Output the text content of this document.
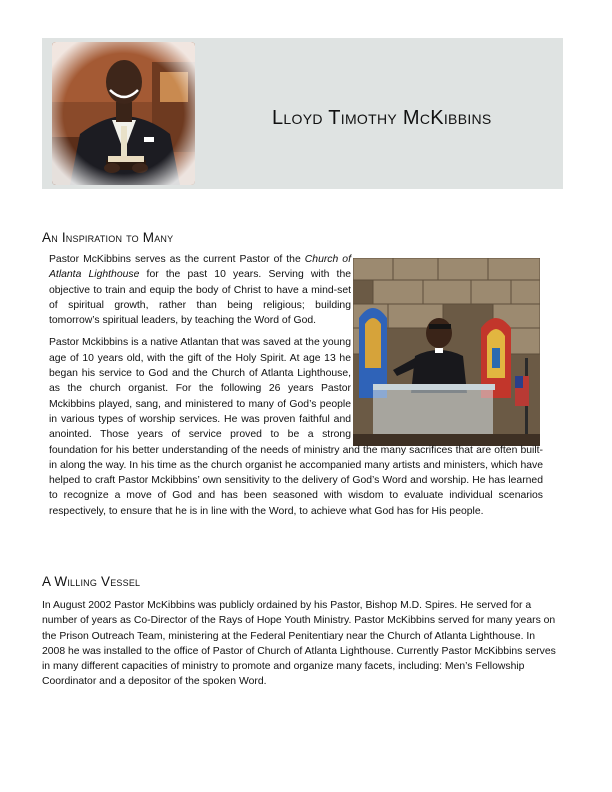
Lloyd Timothy McKibbins
An Inspiration to Many

Pastor McKibbins serves as the current Pastor of the Church of Atlanta Lighthouse for the past 10 years. Serving with the objective to train and equip the body of Christ to have a mind-set of spiritual growth, rather than being religious; building tomorrow’s spiritual leaders, by teaching the Word of God.

Pastor Mckibbins is a native Atlantan that was saved at the young age of 10 years old, with the gift of the Holy Spirit. At age 13 he began his service to God and the Church of Atlanta Lighthouse, as the church organist. For the following 26 years Pastor Mckibbins played, sang, and ministered to many of God’s people in various types of worship services. He was proven faithful and anointed. Those years of service proved to be a strong foundation for his better understanding of the needs of ministry and the many sacrifices that are often built-in along the way. In his time as the church organist he accompanied many artists and ministers, which have helped to craft Pastor Mckibbins’ own sensitivity to the delivery of God’s Word and worship. He has learned to recognize a move of God and has been seasoned with wisdom to evaluate individual scenarios respectively, to ensure that he is in line with the Word, to achieve what God has for His people.

A Willing Vessel

In August 2002 Pastor McKibbins was publicly ordained by his Pastor, Bishop M.D. Spires. He served for a number of years as Co-Director of the Rays of Hope Youth Ministry. Pastor McKibbins served for many years on the Prison Outreach Team, ministering at the Federal Penitentiary near the Church of Atlanta Lighthouse. In 2008 he was installed to the office of Pastor of Church of Atlanta Lighthouse. Currently Pastor McKibbins serves in many different capacities of ministry to promote and organize many facets, including: Men’s Fellowship Coordinator and a depositor of the spoken Word.
